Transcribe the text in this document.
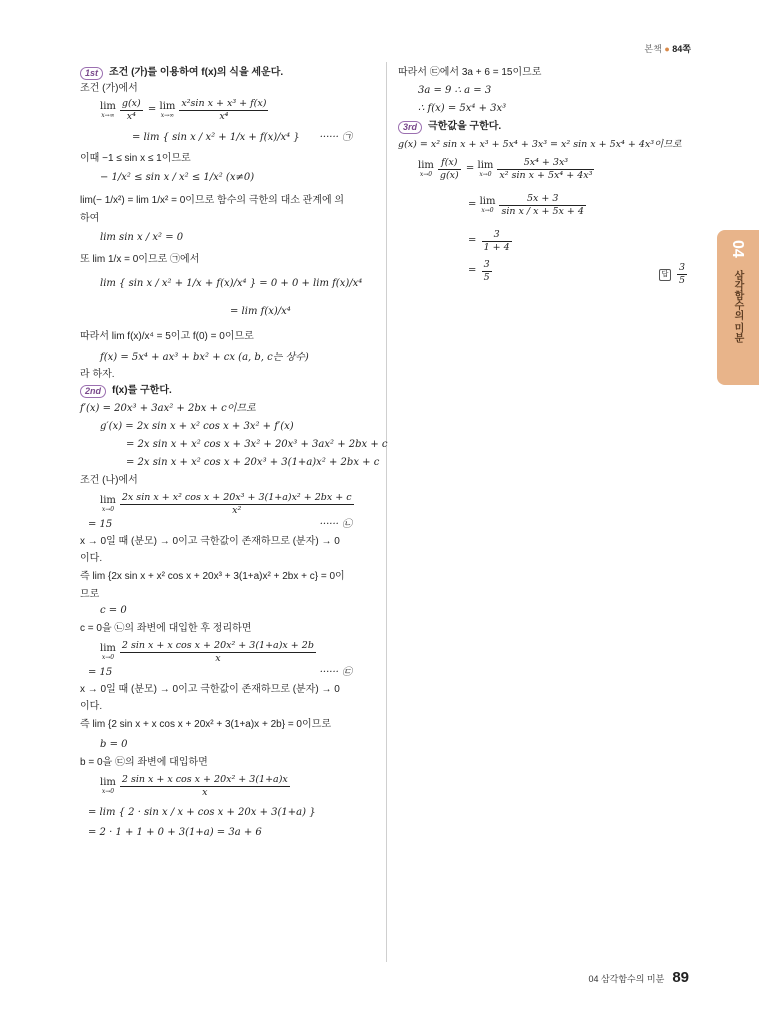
본책 ● 84쪽
1st	조건 (가)를 이용하여 f(x)의 식을 세운다.
조건 (가)에서
lim
$x\to\infty \frac{g(x)}{\text{x⁴}} = \lim$
$x\to\infty \frac{\text{x²sin x + x³ + f(x)}}{\text{x⁴}}$
= lim { sin x / x² + 1/x + f(x)/x⁴ } ······ ㉠
이때 −1 ≤ sin x ≤ 1이므로
− 1/x² ≤ sin x / x² ≤ 1/x² (x≠0)
lim(− 1/x²) = lim 1/x² = 0이므로 함수의 극한의 대소 관계에 의
하여
lim sin x / x² = 0
또 lim 1/x = 0이므로 ㉠에서
lim { sin x / x² + 1/x + f(x)/x⁴ } = 0 + 0 + lim f(x)/x⁴
= lim f(x)/x⁴
따라서 lim f(x)/x⁴ = 5이고 f(0) = 0이므로
f(x) = 5x⁴ + ax³ + bx² + cx (a, b, c는 상수)
라 하자.
2nd	f(x)를 구한다.
f′(x) = 20x³ + 3ax² + 2bx + c이므로
g′(x) = 2x sin x + x² cos x + 3x² + f′(x)
= 2x sin x + x² cos x + 3x² + 20x³ + 3ax² + 2bx + c
= 2x sin x + x² cos x + 20x³ + 3(1+a)x² + 2bx + c
조건 (나)에서
lim
$x\to 0 \frac{\text{2x sin x + x² cos x + 20x³ + 3(1+a)x² + 2bx + c}}{\text{x²}}$
= 15	······ ㉡
x → 0일 때 (분모) → 0이고 극한값이 존재하므로 (분자) → 0
이다.
즉 lim {2x sin x + x² cos x + 20x³ + 3(1+a)x² + 2bx + c} = 0이
므로
c = 0
c = 0을 ㉡의 좌변에 대입한 후 정리하면
lim
$x\to 0 \frac{\text{2 sin x + x cos x + 20x² + 3(1+a)x + 2b}}{x}$
= 15	······ ㉢
x → 0일 때 (분모) → 0이고 극한값이 존재하므로 (분자) → 0
이다.
즉 lim {2 sin x + x cos x + 20x² + 3(1+a)x + 2b} = 0이므로
b = 0
b = 0을 ㉢의 좌변에 대입하면
lim
$x\to 0 \frac{\text{2 sin x + x cos x + 20x² + 3(1+a)x}}{x}$
= lim { 2 · sin x / x + cos x + 20x + 3(1+a) }
= 2 · 1 + 1 + 0 + 3(1+a) = 3a + 6
따라서 ㉢에서 3a + 6 = 15이므로
3a = 9 ∴ a = 3
∴ f(x) = 5x⁴ + 3x³
3rd	극한값을 구한다.
g(x) = x² sin x + x³ + 5x⁴ + 3x³ = x² sin x + 5x⁴ + 4x³이므로
lim
$x\to 0 \frac{f(x)}{g(x)} = \lim$
$x\to 0 \frac{\text{5x⁴ + 3x³}}{\text{x² sin x + 5x⁴ + 4x³}}$
= lim
$x\to 0 \frac{5x + 3}{\text{sin x / x + 5x + 4}}$
= $\frac{3}{1 + 4}$
= $\frac{3}{5}$	답 $\frac{3}{5}$
04
삼각함수의 미분
04 삼각함수의 미분 89
